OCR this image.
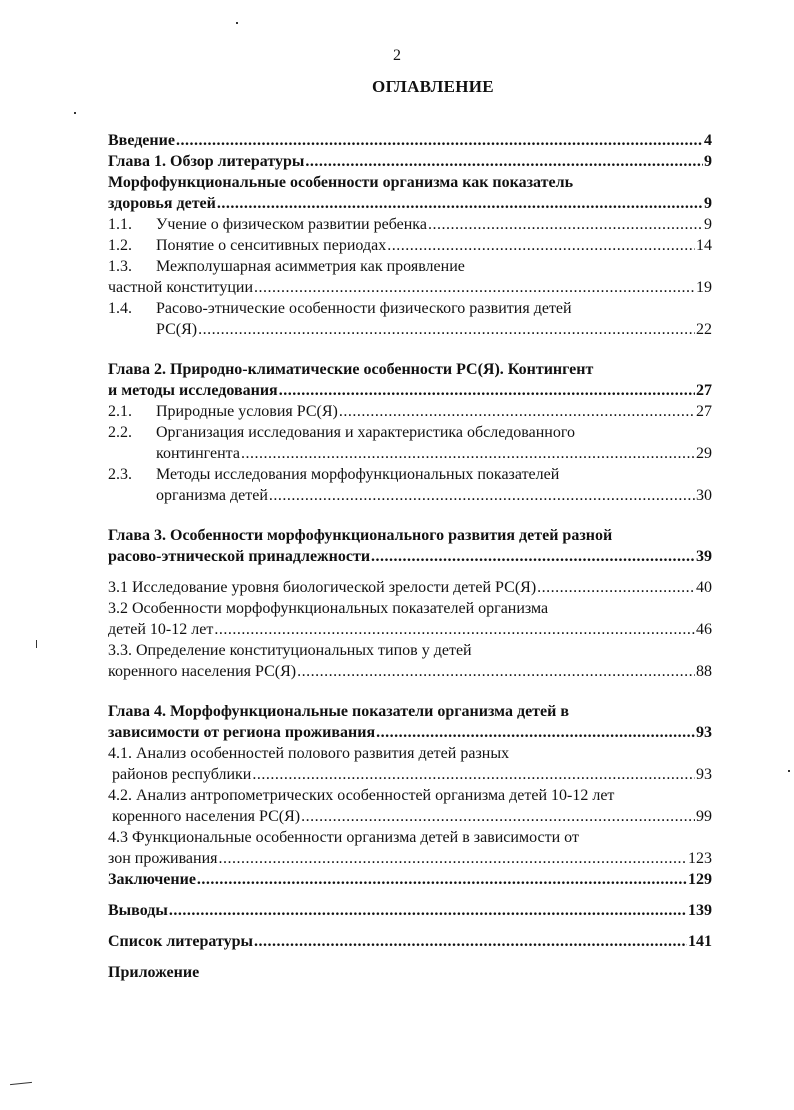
2
ОГЛАВЛЕНИЕ
Введение .....	4
Глава 1. Обзор литературы .....	9
Морфофункциональные особенности организма как показатель
здоровья детей .....	9
1.1.	Учение о физическом развитии ребенка .....	9
1.2.	Понятие о сенситивных периодах .....	14
1.3.	Межполушарная асимметрия как проявление
частной конституции .....	19
1.4.	Расово-этнические особенности физического развития детей
РС(Я) .....	22
Глава 2. Природно-климатические особенности РС(Я). Контингент
и методы исследования .....	27
2.1.	Природные условия РС(Я) .....	27
2.2.	Организация исследования и характеристика обследованного
контингента .....	29
2.3.	Методы исследования морфофункциональных показателей
организма детей .....	30
Глава 3. Особенности морфофункционального развития детей разной
расово-этнической принадлежности .....	39
3.1 Исследование уровня биологической зрелости детей РС(Я) .....	40
3.2 Особенности морфофункциональных показателей организма
детей 10-12 лет .....	46
3.3. Определение конституциональных типов у детей
коренного населения РС(Я) .....	88
Глава 4. Морфофункциональные показатели организма детей в
зависимости от региона проживания .....	93
4.1. Анализ особенностей полового развития детей разных
районов республики .....	93
4.2. Анализ антропометрических особенностей организма детей 10-12 лет
коренного населения РС(Я) .....	99
4.3 Функциональные особенности организма детей в зависимости от
зон проживания .....	123
Заключение .....	129
Выводы .....	139
Список литературы .....	141
Приложение
